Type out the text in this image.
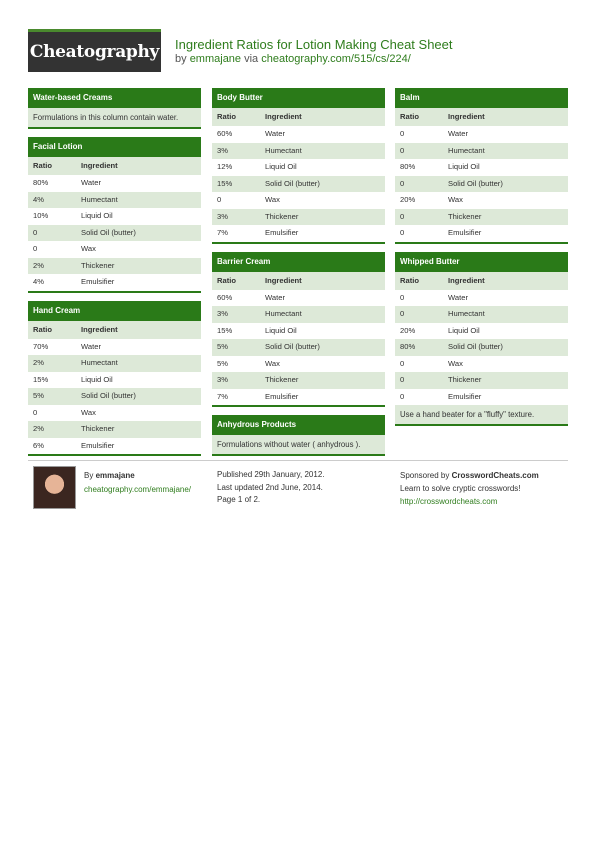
Cheatography Ingredient Ratios for Lotion Making Cheat Sheet
by emmajane via cheatography.com/515/cs/224/
Water-based Creams
Formulations in this column contain water.
Facial Lotion
Ratio	Ingredient
80%	Water
4%	Humectant
10%	Liquid Oil
0	Solid Oil (butter)
0	Wax
2%	Thickener
4%	Emulsifier
Hand Cream
Ratio	Ingredient
70%	Water
2%	Humectant
15%	Liquid Oil
5%	Solid Oil (butter)
0	Wax
2%	Thickener
6%	Emulsifier
Body Butter
Ratio	Ingredient
60%	Water
3%	Humectant
12%	Liquid Oil
15%	Solid Oil (butter)
0	Wax
3%	Thickener
7%	Emulsifier
Barrier Cream
Ratio	Ingredient
60%	Water
3%	Humectant
15%	Liquid Oil
5%	Solid Oil (butter)
5%	Wax
3%	Thickener
7%	Emulsifier
Anhydrous Products
Formulations without water ( anhydrous ).
Balm
Ratio	Ingredient
0	Water
0	Humectant
80%	Liquid Oil
0	Solid Oil (butter)
20%	Wax
0	Thickener
0	Emulsifier
Whipped Butter
Ratio	Ingredient
0	Water
0	Humectant
20%	Liquid Oil
80%	Solid Oil (butter)
0	Wax
0	Thickener
0	Emulsifier
Use a hand beater for a "fluffy" texture.
By emmajane
cheatography.com/emmajane/
Published 29th January, 2012.
Last updated 2nd June, 2014.
Page 1 of 2.
Sponsored by CrosswordCheats.com
Learn to solve cryptic crosswords!
http://crosswordcheats.com
